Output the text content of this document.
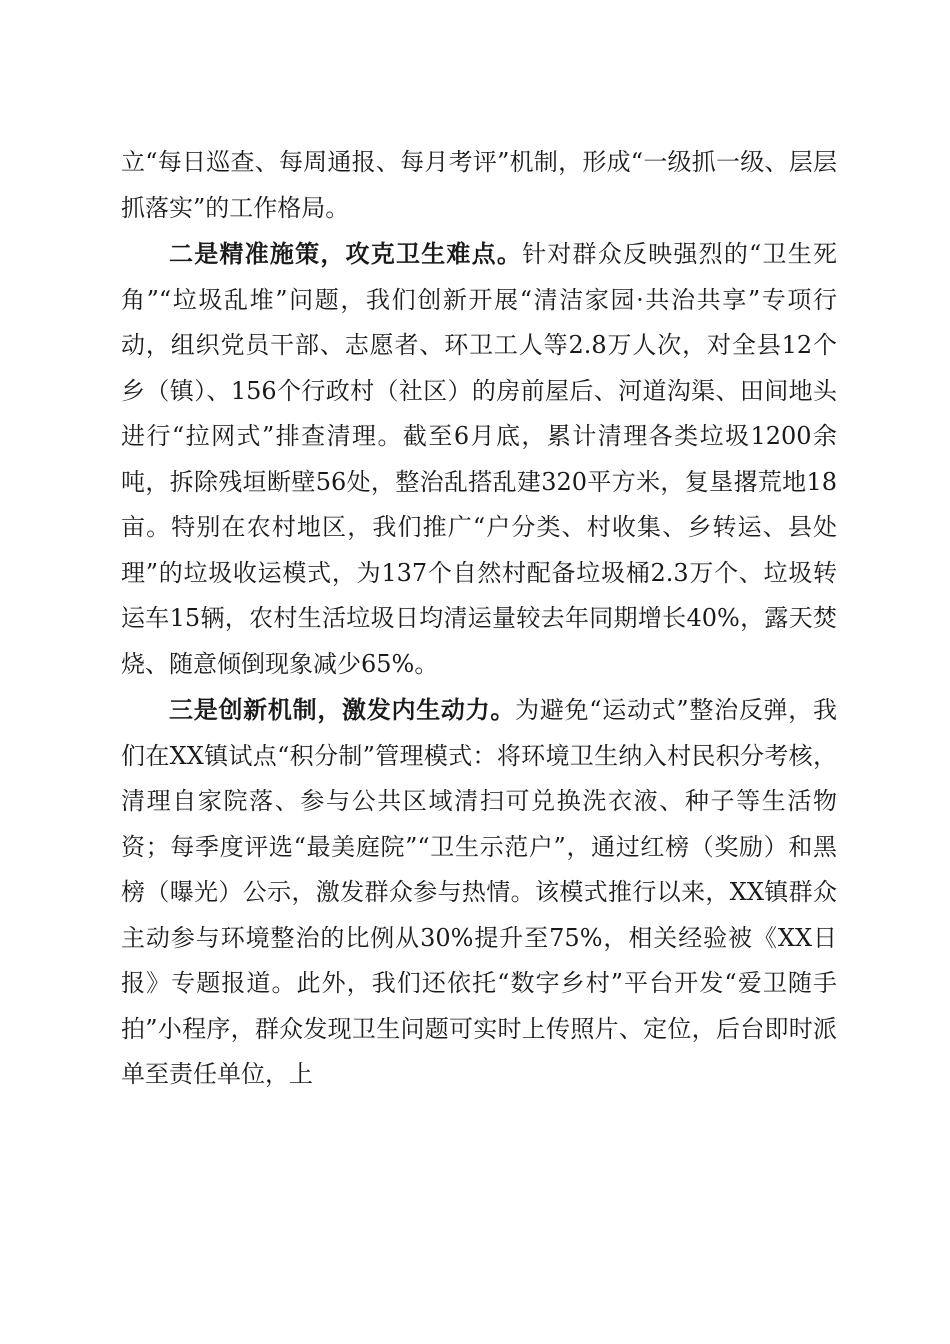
立“每日巡查、每周通报、每月考评”机制，形成“一级抓一级、层层抓落实”的工作格局。

二是精准施策，攻克卫生难点。针对群众反映强烈的“卫生死角”“垃圾乱堆”问题，我们创新开展“清洁家园·共治共享”专项行动，组织党员干部、志愿者、环卫工人等2.8万人次，对全县12个乡（镇）、156个行政村（社区）的房前屋后、河道沟渠、田间地头进行“拉网式”排查清理。截至6月底，累计清理各类垃圾1200余吨，拆除残垣断壁56处，整治乱搭乱建320平方米，复垦撂荒地18亩。特别在农村地区，我们推广“户分类、村收集、乡转运、县处理”的垃圾收运模式，为137个自然村配备垃圾桶2.3万个、垃圾转运车15辆，农村生活垃圾日均清运量较去年同期增长40%，露天焚烧、随意倾倒现象减少65%。

三是创新机制，激发内生动力。为避免“运动式”整治反弹，我们在XX镇试点“积分制”管理模式：将环境卫生纳入村民积分考核，清理自家院落、参与公共区域清扫可兑换洗衣液、种子等生活物资；每季度评选“最美庭院”“卫生示范户”，通过红榜（奖励）和黑榜（曝光）公示，激发群众参与热情。该模式推行以来，XX镇群众主动参与环境整治的比例从30%提升至75%，相关经验被《XX日报》专题报道。此外，我们还依托“数字乡村”平台开发“爱卫随手拍”小程序，群众发现卫生问题可实时上传照片、定位，后台即时派单至责任单位，上
